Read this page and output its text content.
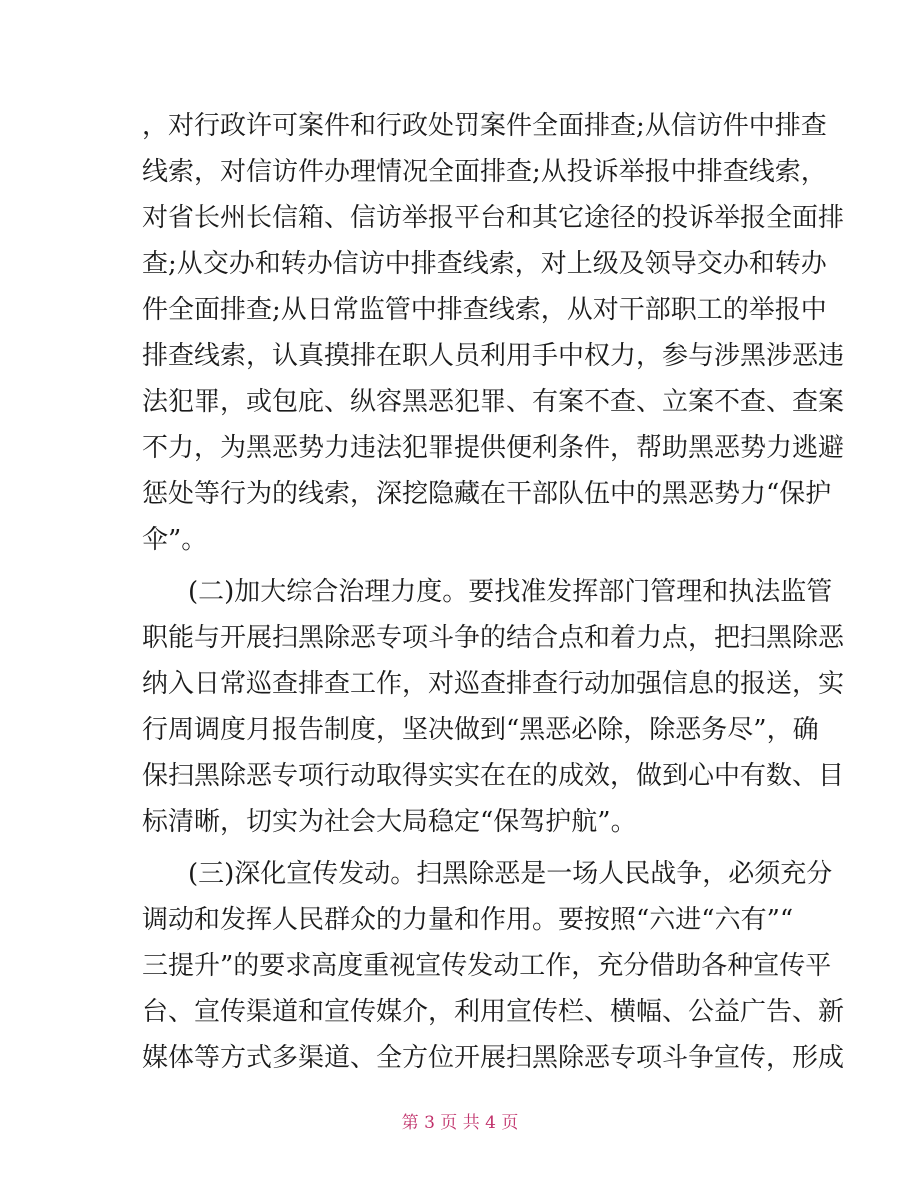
，对行政许可案件和行政处罚案件全面排查;从信访件中排查
线索，对信访件办理情况全面排查;从投诉举报中排查线索，
对省长州长信箱、信访举报平台和其它途径的投诉举报全面排
查;从交办和转办信访中排查线索，对上级及领导交办和转办
件全面排查;从日常监管中排查线索，从对干部职工的举报中
排查线索，认真摸排在职人员利用手中权力，参与涉黑涉恶违
法犯罪，或包庇、纵容黑恶犯罪、有案不查、立案不查、查案
不力，为黑恶势力违法犯罪提供便利条件，帮助黑恶势力逃避
惩处等行为的线索，深挖隐藏在干部队伍中的黑恶势力“保护
伞”。
(二)加大综合治理力度。要找准发挥部门管理和执法监管
职能与开展扫黑除恶专项斗争的结合点和着力点，把扫黑除恶
纳入日常巡查排查工作，对巡查排查行动加强信息的报送，实
行周调度月报告制度，坚决做到“黑恶必除，除恶务尽”，确
保扫黑除恶专项行动取得实实在在的成效，做到心中有数、目
标清晰，切实为社会大局稳定“保驾护航”。
(三)深化宣传发动。扫黑除恶是一场人民战争，必须充分
调动和发挥人民群众的力量和作用。要按照“六进“六有”“
三提升”的要求高度重视宣传发动工作，充分借助各种宣传平
台、宣传渠道和宣传媒介，利用宣传栏、横幅、公益广告、新
媒体等方式多渠道、全方位开展扫黑除恶专项斗争宣传，形成
第 3 页 共 4 页
